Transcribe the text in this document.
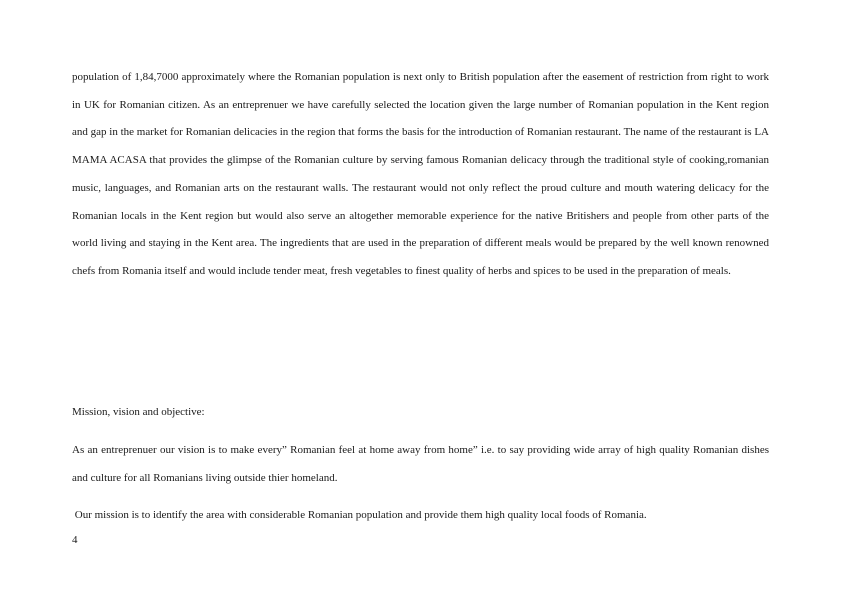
population of 1,84,7000 approximately where the Romanian population is next only to British population after the easement of restriction from right to work in UK for Romanian citizen. As an entreprenuer we have carefully selected the location given the large number of Romanian population in the Kent region and gap in the market for Romanian delicacies in the region that forms the basis for the introduction of Romanian restaurant. The name of the restaurant is LA MAMA ACASA that provides the glimpse of the Romanian culture by serving famous Romanian delicacy through the traditional style of cooking,romanian music, languages, and Romanian arts on the restaurant walls. The restaurant would not only reflect the proud culture and mouth watering delicacy for the Romanian locals in the Kent region but would also serve an altogether memorable experience for the native Britishers and people from other parts of the world living and staying in the Kent area. The ingredients that are used in the preparation of different meals would be prepared by the well known renowned chefs from Romania itself and would include tender meat, fresh vegetables to finest quality of herbs and spices to be used in the preparation of meals.

Mission, vision and objective:

As an entreprenuer our vision is to make every” Romanian feel at home away from home” i.e. to say providing wide array of high quality Romanian dishes and culture for all Romanians living outside thier homeland.

Our mission is to identify the area with considerable Romanian population and provide them high quality local foods of Romania.

4
